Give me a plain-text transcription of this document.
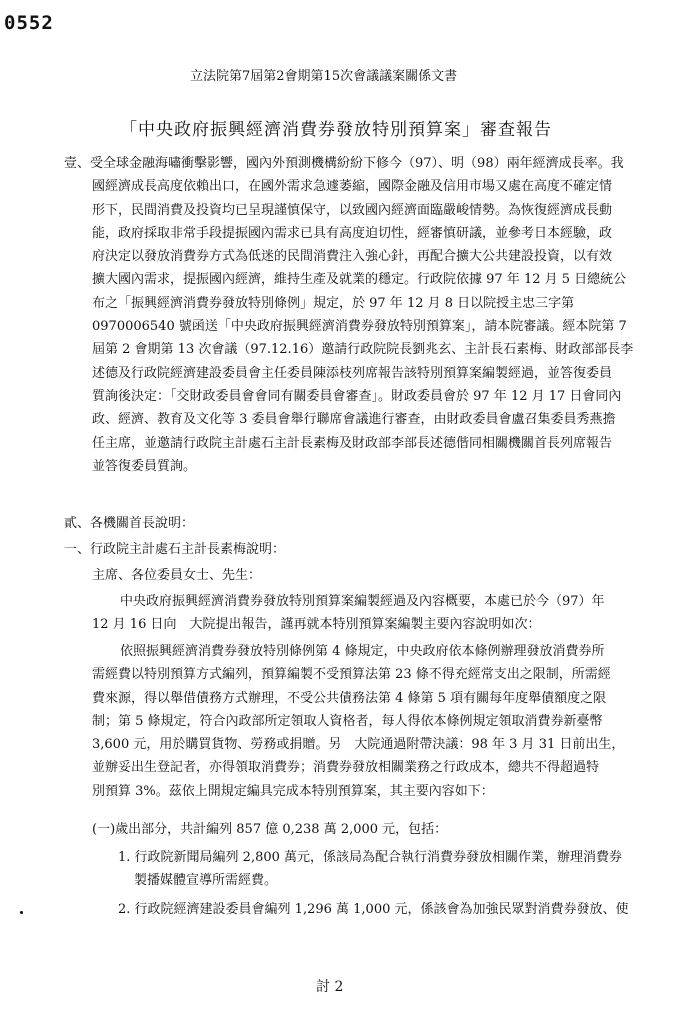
0552
立法院第7屆第2會期第15次會議議案關係文書
「中央政府振興經濟消費券發放特別預算案」審查報告
壹、受全球金融海嘯衝擊影響，國內外預測機構紛紛下修今（97）、明（98）兩年經濟成長率。我
國經濟成長高度依賴出口，在國外需求急遽萎縮，國際金融及信用市場又處在高度不確定情
形下，民間消費及投資均已呈現謹慎保守，以致國內經濟面臨嚴峻情勢。為恢復經濟成長動
能，政府採取非常手段提振國內需求已具有高度迫切性，經審慎研議，並參考日本經驗，政
府決定以發放消費券方式為低迷的民間消費注入強心針，再配合擴大公共建設投資，以有效
擴大國內需求，提振國內經濟，維持生產及就業的穩定。行政院依據 97 年 12 月 5 日總統公
布之「振興經濟消費券發放特別條例」規定，於 97 年 12 月 8 日以院授主忠三字第
0970006540 號函送「中央政府振興經濟消費券發放特別預算案」，請本院審議。經本院第 7
屆第 2 會期第 13 次會議（97.12.16）邀請行政院院長劉兆玄、主計長石素梅、財政部部長李
述德及行政院經濟建設委員會主任委員陳添枝列席報告該特別預算案編製經過，並答復委員
質詢後決定：「交財政委員會會同有關委員會審查」。財政委員會於 97 年 12 月 17 日會同內
政、經濟、教育及文化等 3 委員會舉行聯席會議進行審查，由財政委員會盧召集委員秀燕擔
任主席，並邀請行政院主計處石主計長素梅及財政部李部長述德偕同相關機關首長列席報告
並答復委員質詢。
貳、各機關首長說明：
一、行政院主計處石主計長素梅說明：
主席、各位委員女士、先生：
中央政府振興經濟消費券發放特別預算案編製經過及內容概要，本處已於今（97）年
12 月 16 日向　大院提出報告，謹再就本特別預算案編製主要內容說明如次：
依照振興經濟消費券發放特別條例第 4 條規定，中央政府依本條例辦理發放消費券所
需經費以特別預算方式編列，預算編製不受預算法第 23 條不得充經常支出之限制，所需經
費來源，得以舉借債務方式辦理，不受公共債務法第 4 條第 5 項有關每年度舉債額度之限
制；第 5 條規定，符合內政部所定領取人資格者，每人得依本條例規定領取消費券新臺幣
3,600 元，用於購買貨物、勞務或捐贈。另　大院通過附帶決議：98 年 3 月 31 日前出生，
並辦妥出生登記者，亦得領取消費券；消費券發放相關業務之行政成本，總共不得超過特
別預算 3%。茲依上開規定編具完成本特別預算案，其主要內容如下：
(一)歲出部分，共計編列 857 億 0,238 萬 2,000 元，包括：
1. 行政院新聞局編列 2,800 萬元，係該局為配合執行消費券發放相關作業，辦理消費券
製播媒體宣導所需經費。
2. 行政院經濟建設委員會編列 1,296 萬 1,000 元，係該會為加強民眾對消費券發放、使
討 2
